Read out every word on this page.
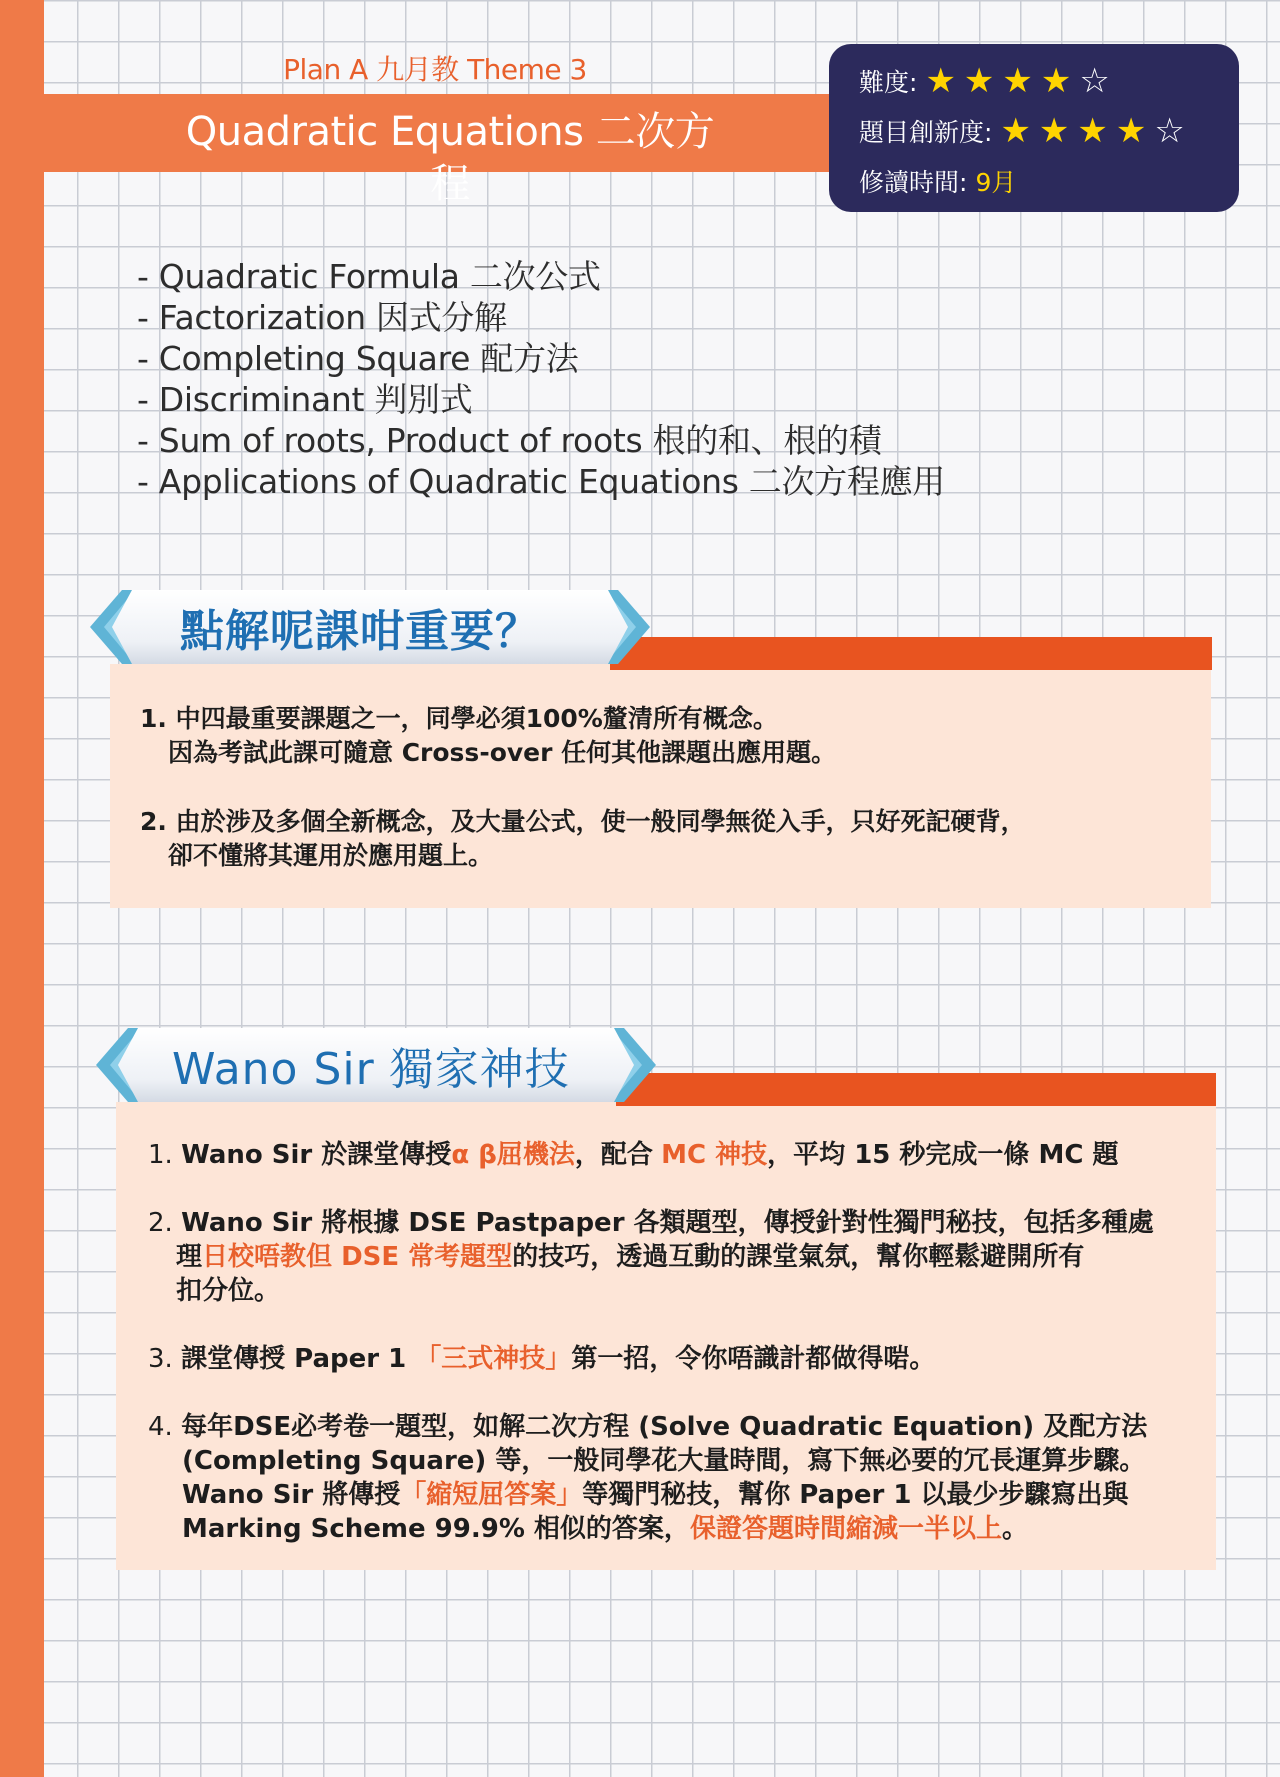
Plan A 九月教 Theme 3
Quadratic Equations 二次方程
難度: ★ ★ ★ ★ ☆
題目創新度: ★ ★ ★ ★ ☆
修讀時間: 9月
- Quadratic Formula 二次公式
- Factorization 因式分解
- Completing Square 配方法
- Discriminant 判別式
- Sum of roots, Product of roots 根的和、根的積
- Applications of Quadratic Equations 二次方程應用
1. 中四最重要課題之一，同學必須100%釐清所有概念。
因為考試此課可隨意 Cross-over 任何其他課題出應用題。
2. 由於涉及多個全新概念，及大量公式，使一般同學無從入手，只好死記硬背，
卻不懂將其運用於應用題上。
點解呢課咁重要？
1. Wano Sir 於課堂傳授α β屈機法，配合 MC 神技，平均 15 秒完成一條 MC 題
2. Wano Sir 將根據 DSE Pastpaper 各類題型，傳授針對性獨門秘技，包括多種處
理日校唔教但 DSE 常考題型的技巧，透過互動的課堂氣氛，幫你輕鬆避開所有
扣分位。
3. 課堂傳授 Paper 1 「三式神技」第一招，令你唔識計都做得啱。
4. 每年DSE必考卷一題型，如解二次方程 (Solve Quadratic Equation) 及配方法
(Completing Square) 等，一般同學花大量時間，寫下無必要的冗長運算步驟。
Wano Sir 將傳授「縮短屈答案」等獨門秘技，幫你 Paper 1 以最少步驟寫出與
Marking Scheme 99.9% 相似的答案，保證答題時間縮減一半以上。
Wano Sir 獨家神技
